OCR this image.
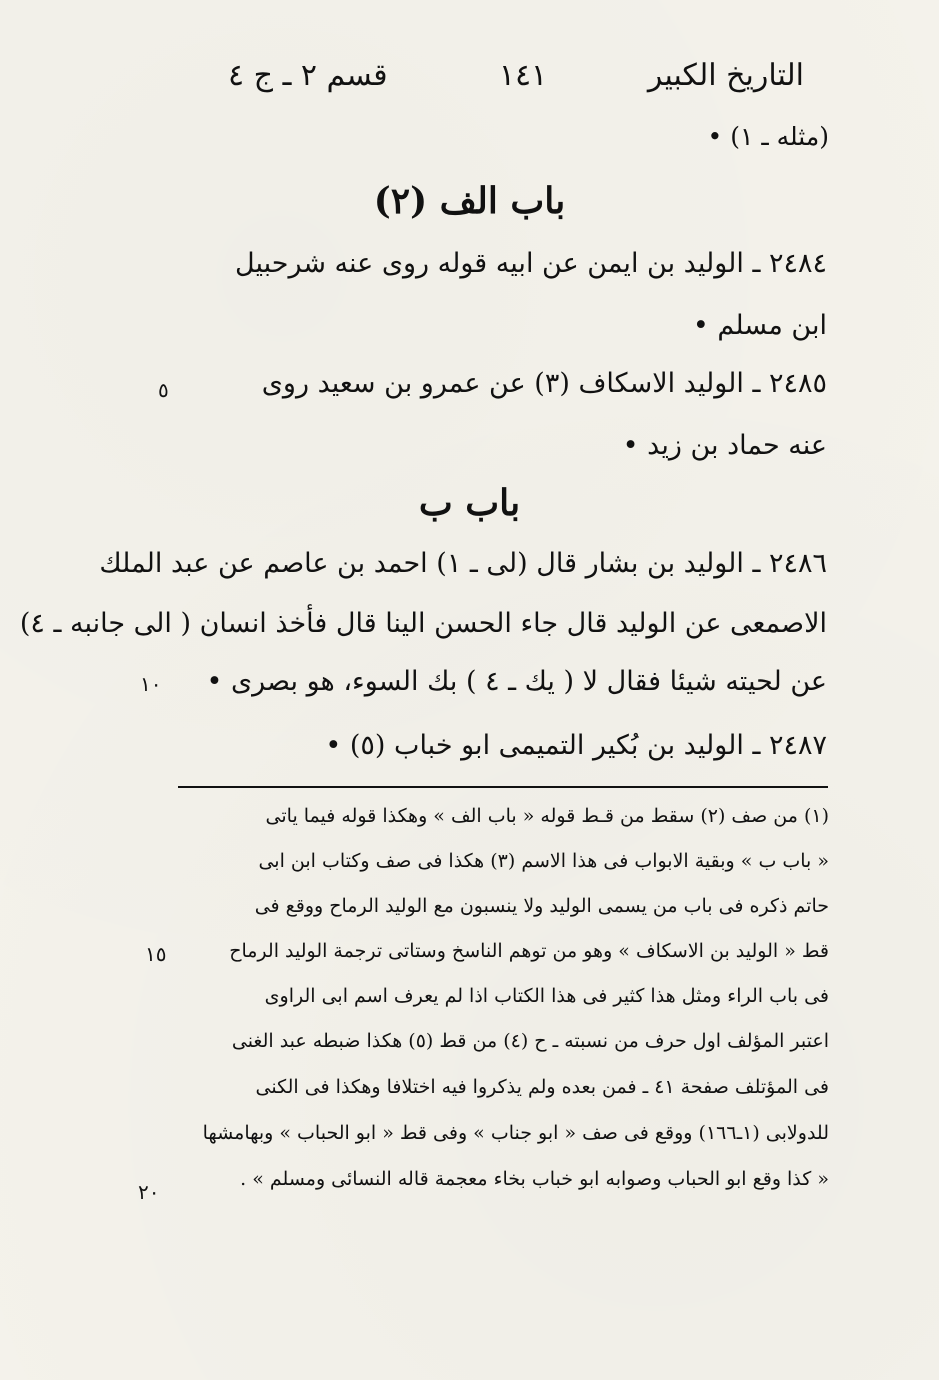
التاريخ الكبير
١٤١
قسم ٢ ـ ج ٤
(مثله ـ ١) •
باب الف (٢)
٢٤٨٤ ـ الوليد بن ايمن عن ابيه قوله روى عنه شرحبيل
ابن مسلم •
٢٤٨٥ ـ الوليد الاسكاف (٣) عن عمرو بن سعيد روى
٥
عنه حماد بن زيد •
باب ب
٢٤٨٦ ـ الوليد بن بشار قال (لى ـ ١) احمد بن عاصم عن عبد الملك
الاصمعى عن الوليد قال جاء الحسن الينا قال فأخذ انسان ( الى جانبه ـ ٤)
عن لحيته شيئا فقال لا ( يك ـ ٤ ) بك السوء، هو بصرى •
١٠
٢٤٨٧ ـ الوليد بن بُكير التميمى ابو خباب (٥) •
(١) من صف (٢) سقط من قـط قوله « باب الف » وهكذا قوله فيما ياتى
« باب ب » وبقية الابواب فى هذا الاسم (٣) هكذا فى صف وكتاب ابن ابى
حاتم ذكره فى باب من يسمى الوليد ولا ينسبون مع الوليد الرماح ووقع فى
قط « الوليد بن الاسكاف » وهو من توهم الناسخ وستاتى ترجمة الوليد الرماح
١٥
فى باب الراء ومثل هذا كثير فى هذا الكتاب اذا لم يعرف اسم ابى الراوى
اعتبر المؤلف اول حرف من نسبته ـ ح (٤) من قط (٥) هكذا ضبطه عبد الغنى
فى المؤتلف صفحة ٤١ ـ فمن بعده ولم يذكروا فيه اختلافا وهكذا فى الكنى
للدولابى (١ـ١٦٦) ووقع فى صف « ابو جناب » وفى قط « ابو الحباب » وبهامشها
« كذا وقع ابو الحباب وصوابه ابو خباب بخاء معجمة قاله النسائى ومسلم » .
٢٠
